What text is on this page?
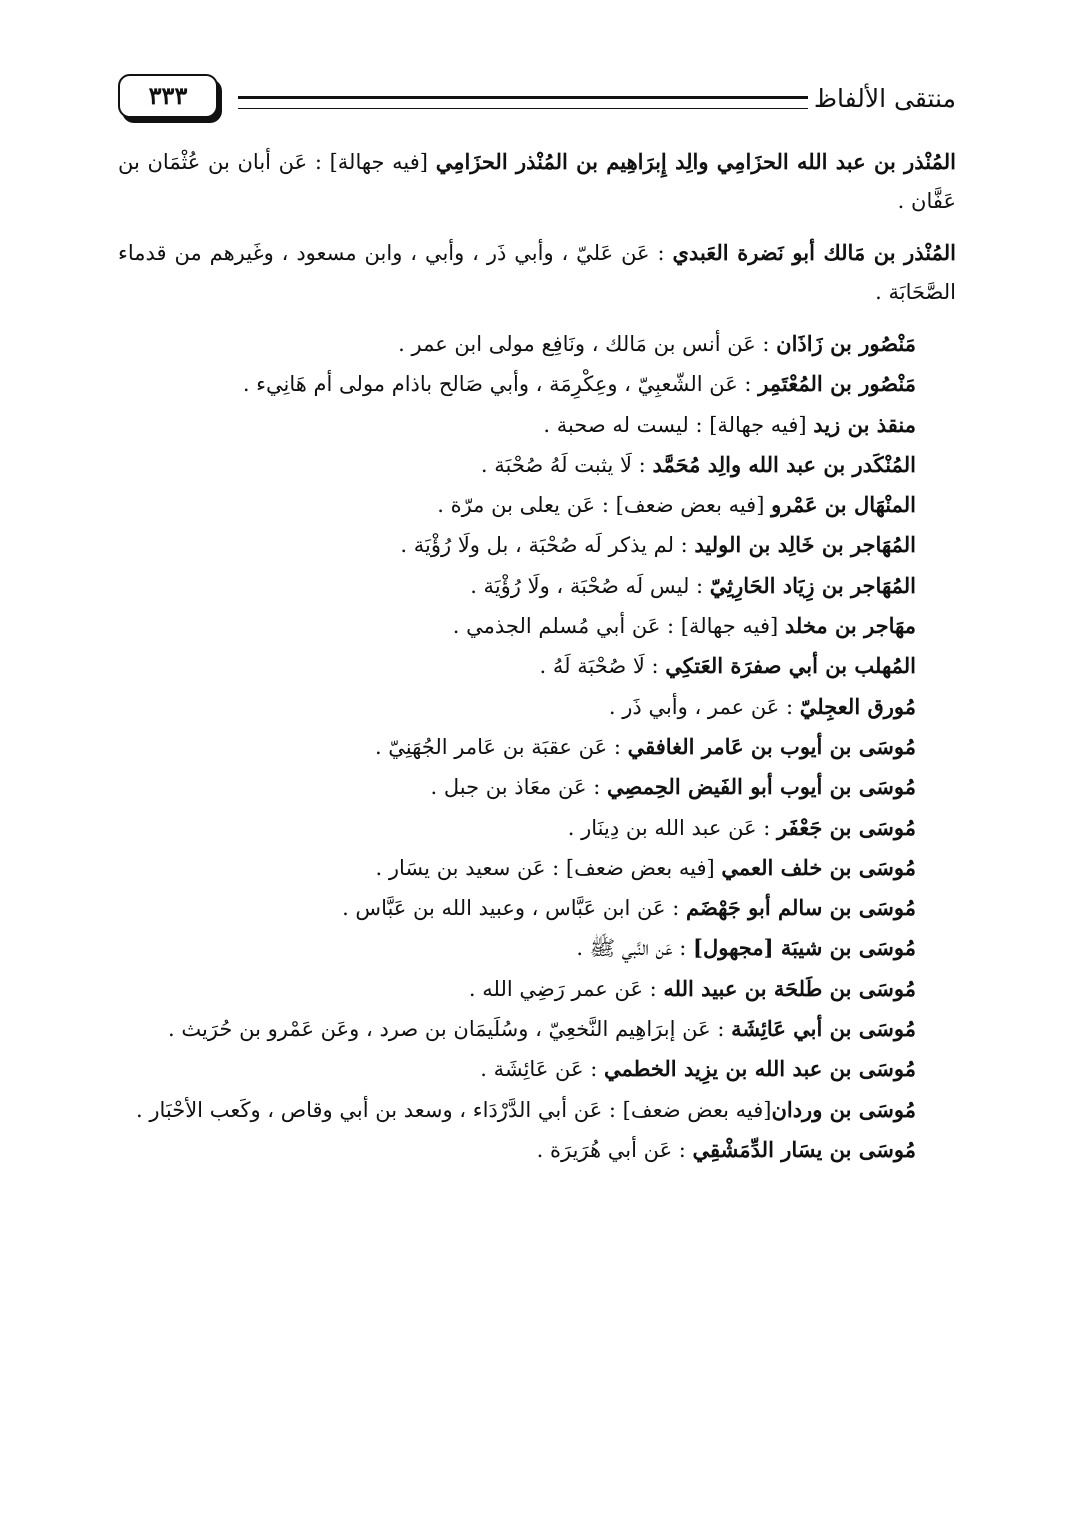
٣٣٣	منتقى الألفاظ

المُنْذر بن عبد الله الحزَامِي والِد إِبرَاهِيم بن المُنْذر الحزَامِي [فيه جهالة] : عَن أبان بن عُثْمَان بن عَفَّان .

المُنْذر بن مَالك أبو نَضرة العَبدي : عَن عَليّ ، وأبي ذَر ، وأبي ، وابن مسعود ، وغَيرهم من قدماء الصَّحَابَة .

مَنْصُور بن زَاذَان : عَن أنس بن مَالك ، ونَافِع مولى ابن عمر .
مَنْصُور بن المُعْتَمِر : عَن الشّعبِيّ ، وعِكْرِمَة ، وأبي صَالح باذام مولى أم هَانِيء .
منقذ بن زيد [فيه جهالة] : ليست له صحبة .
المُنْكَدر بن عبد الله والِد مُحَمَّد : لَا يثبت لَهُ صُحْبَة .
المنْهَال بن عَمْرو [فيه بعض ضعف] : عَن يعلى بن مرّة .
المُهَاجر بن خَالِد بن الوليد : لم يذكر لَه صُحْبَة ، بل ولَا رُؤْيَة .
المُهَاجر بن زِيَاد الحَارِثِيّ : ليس لَه صُحْبَة ، ولَا رُؤْيَة .
مهَاجر بن مخلد [فيه جهالة] : عَن أبي مُسلم الجذمي .
المُهلب بن أبي صفرَة العَتكِي : لَا صُحْبَة لَهُ .
مُورق العجِليّ : عَن عمر ، وأبي ذَر .
مُوسَى بن أيوب بن عَامر الغافقي : عَن عقبَة بن عَامر الجُهَنِيّ .
مُوسَى بن أيوب أبو الفَيض الحِمصِي : عَن معَاذ بن جبل .
مُوسَى بن جَعْفَر : عَن عبد الله بن دِينَار .
مُوسَى بن خلف العمي [فيه بعض ضعف] : عَن سعيد بن يسَار .
مُوسَى بن سالم أبو جَهْضَم : عَن ابن عَبَّاس ، وعبيد الله بن عَبَّاس .
مُوسَى بن شيبَة [مجهول] : عَن النَّبي ﷺ .
مُوسَى بن طَلحَة بن عبيد الله : عَن عمر رَضِي الله .
مُوسَى بن أبي عَائِشَة : عَن إبرَاهِيم النَّخعِيّ ، وسُلَيمَان بن صرد ، وعَن عَمْرو بن حُرَيث .
مُوسَى بن عبد الله بن يزِيد الخطمي : عَن عَائِشَة .
مُوسَى بن وردان[فيه بعض ضعف] : عَن أبي الدَّرْدَاء ، وسعد بن أبي وقاص ، وكَعب الأحْبَار .
مُوسَى بن يسَار الدِّمَشْقِي : عَن أبي هُرَيرَة .
